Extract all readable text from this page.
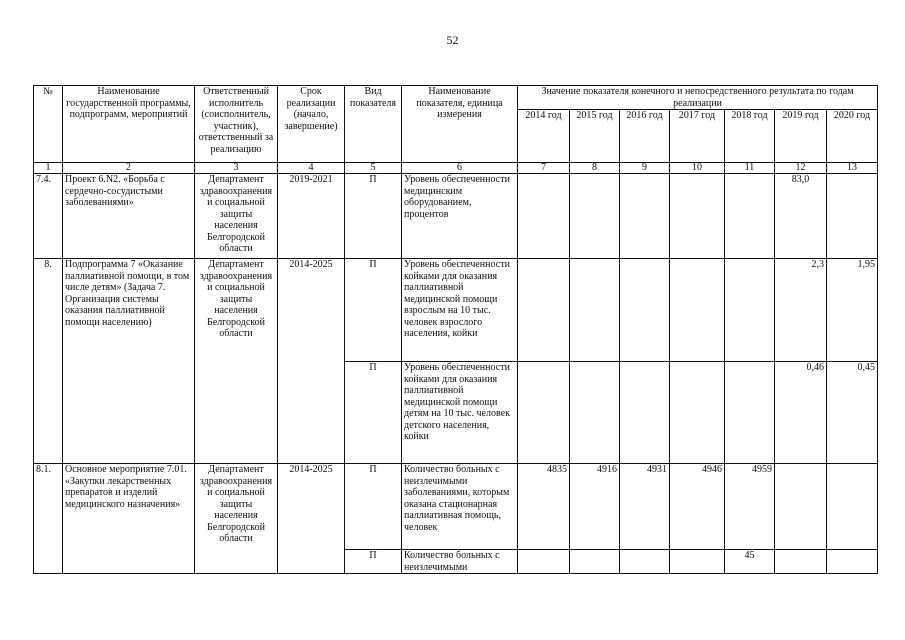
52
№	Наименование государственной программы, подпрограмм, мероприятий	Ответственный исполнитель (соисполнитель, участник), ответственный за реализацию	Срок реализации (начало, завершение)	Вид показателя	Наименование показателя, единица измерения	Значение показателя конечного и непосредственного результата по годам реализации						
						2014 год	2015 год	2016 год	2017 год	2018 год	2019 год	2020 год
1	2	3	4	5	6	7	8	9	10	11	12	13
7.4.	Проект 6.N2. «Борьба с сердечно-сосудистыми заболеваниями»	Департамент здравоохранения и социальной защиты населения Белгородской области	2019-2021	П	Уровень обеспеченности медицинским оборудованием, процентов						83,0	
8.	Подпрограмма 7 «Оказание паллиативной помощи, в том числе детям» (Задача 7. Организация системы оказания паллиативной помощи населению)	Департамент здравоохранения и социальной защиты населения Белгородской области	2014-2025	П	Уровень обеспеченности койками для оказания паллиативной медицинской помощи взрослым на 10 тыс. человек взрослого населения, койки						2,3	1,95
				П	Уровень обеспеченности койками для оказания паллиативной медицинской помощи детям на 10 тыс. человек детского населения, койки						0,46	0,45
8.1.	Основное мероприятие 7.01. «Закупки лекарственных препаратов и изделий медицинского назначения»	Департамент здравоохранения и социальной защиты населения Белгородской области	2014-2025	П	Количество больных с неизлечимыми заболеваниями, которым оказана стационарная паллиативная помощь, человек	4835	4916	4931	4946	4959		
				П	Количество больных с неизлечимыми					45		
